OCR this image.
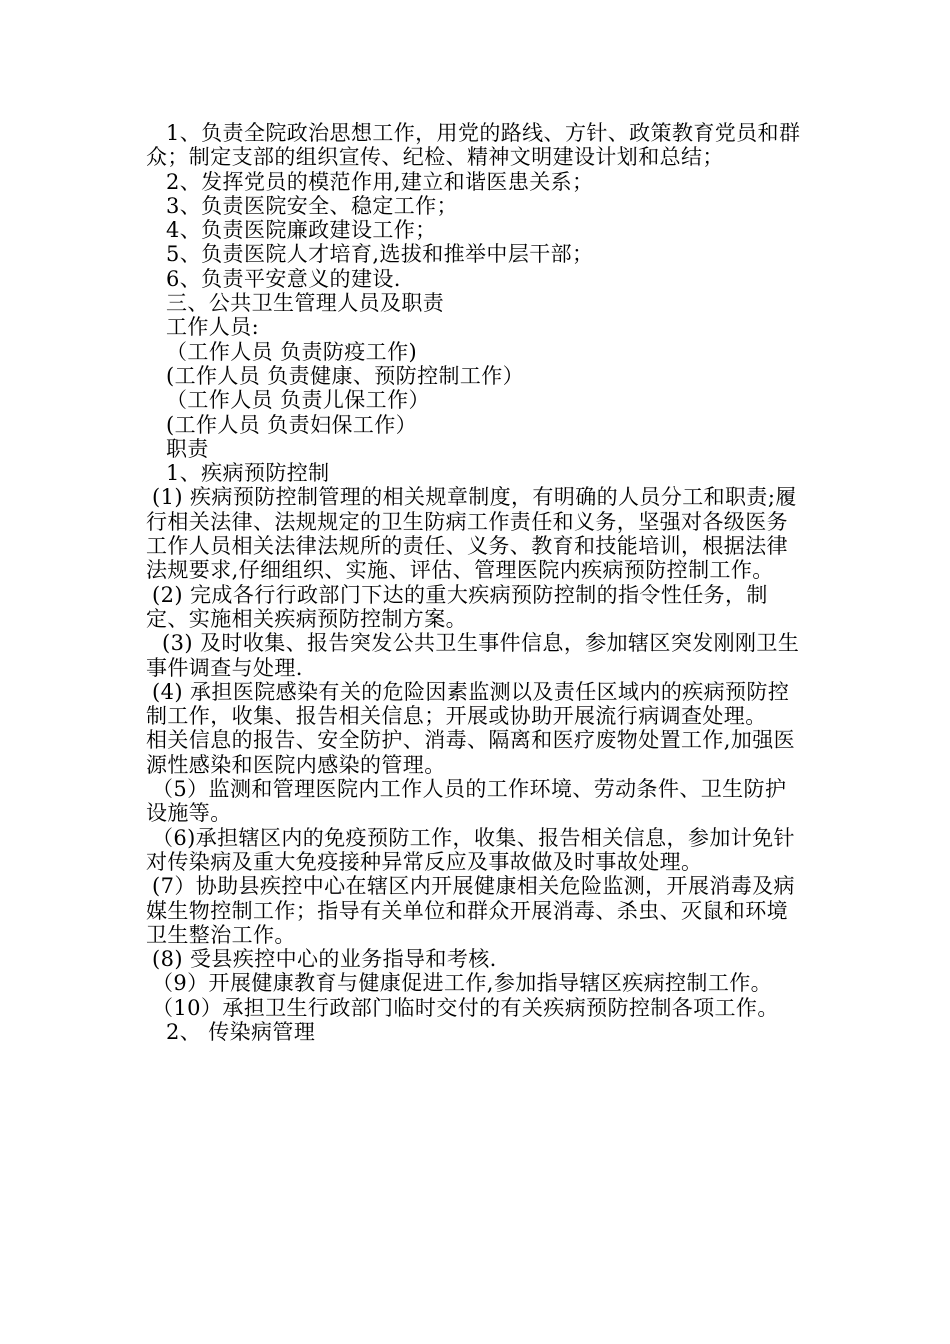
1、负责全院政治思想工作，用党的路线、方针、政策教育党员和群众；制定支部的组织宣传、纪检、精神文明建设计划和总结；

2、发挥党员的模范作用,建立和谐医患关系；

3、负责医院安全、稳定工作；

4、负责医院廉政建设工作；

5、负责医院人才培育,选拔和推举中层干部；

6、负责平安意义的建设.

三、公共卫生管理人员及职责

工作人员:

（工作人员 负责防疫工作)

(工作人员 负责健康、预防控制工作）

（工作人员 负责儿保工作）

(工作人员 负责妇保工作）

职责

1、疾病预防控制

(1) 疾病预防控制管理的相关规章制度，有明确的人员分工和职责;履行相关法律、法规规定的卫生防病工作责任和义务，坚强对各级医务工作人员相关法律法规所的责任、义务、教育和技能培训，根据法律法规要求,仔细组织、实施、评估、管理医院内疾病预防控制工作。

(2) 完成各行行政部门下达的重大疾病预防控制的指令性任务，制定、实施相关疾病预防控制方案。

(3) 及时收集、报告突发公共卫生事件信息，参加辖区突发刚刚卫生事件调查与处理.

(4) 承担医院感染有关的危险因素监测以及责任区域内的疾病预防控制工作，收集、报告相关信息；开展或协助开展流行病调查处理。

相关信息的报告、安全防护、消毒、隔离和医疗废物处置工作,加强医源性感染和医院内感染的管理。

（5）监测和管理医院内工作人员的工作环境、劳动条件、卫生防护设施等。

（6)承担辖区内的免疫预防工作，收集、报告相关信息，参加计免针对传染病及重大免疫接种异常反应及事故做及时事故处理。

(7）协助县疾控中心在辖区内开展健康相关危险监测，开展消毒及病媒生物控制工作；指导有关单位和群众开展消毒、杀虫、灭鼠和环境卫生整治工作。

(8) 受县疾控中心的业务指导和考核.

（9）开展健康教育与健康促进工作,参加指导辖区疾病控制工作。

（10）承担卫生行政部门临时交付的有关疾病预防控制各项工作。

2、 传染病管理
